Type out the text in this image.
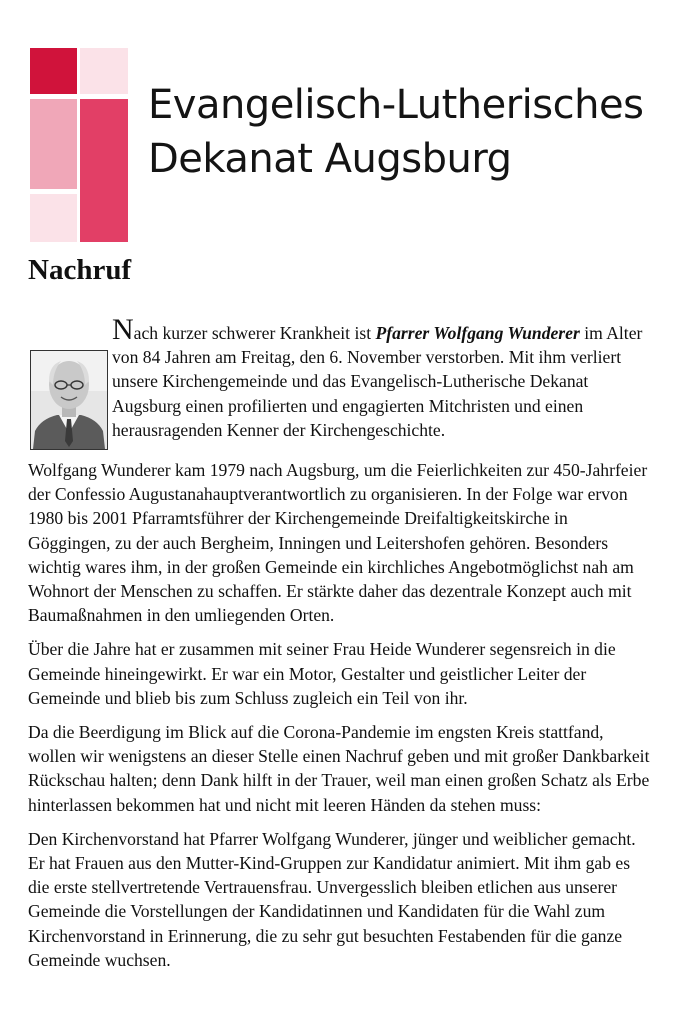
Evangelisch-Lutherisches
Dekanat Augsburg
Nachruf

Nach kurzer schwerer Krankheit ist Pfarrer Wolfgang Wunderer im Alter von 84 Jahren am Freitag, den 6. November verstorben. Mit ihm verliert unsere Kirchengemeinde und das Evangelisch-Lutherische Dekanat Augsburg einen profilierten und engagierten Mitchristen und einen herausragenden Kenner der Kirchengeschichte.

Wolfgang Wunderer kam 1979 nach Augsburg, um die Feierlichkeiten zur 450-Jahrfeier der Confessio Augustanahauptverantwortlich zu organisieren. In der Folge war ervon 1980 bis 2001 Pfarramtsführer der Kirchengemeinde Dreifaltigkeitskirche in Göggingen, zu der auch Bergheim, Inningen und Leitershofen gehören. Besonders wichtig wares ihm, in der großen Gemeinde ein kirchliches Angebotmöglichst nah am Wohnort der Menschen zu schaffen. Er stärkte daher das dezentrale Konzept auch mit Baumaßnahmen in den umliegenden Orten.

Über die Jahre hat er zusammen mit seiner Frau Heide Wunderer segensreich in die Gemeinde hineingewirkt. Er war ein Motor, Gestalter und geistlicher Leiter der Gemeinde und blieb bis zum Schluss zugleich ein Teil von ihr.

Da die Beerdigung im Blick auf die Corona-Pandemie im engsten Kreis stattfand, wollen wir wenigstens an dieser Stelle einen Nachruf geben und mit großer Dankbarkeit Rückschau halten; denn Dank hilft in der Trauer, weil man einen großen Schatz als Erbe hinterlassen bekommen hat und nicht mit leeren Händen da stehen muss:

Den Kirchenvorstand hat Pfarrer Wolfgang Wunderer, jünger und weiblicher gemacht. Er hat Frauen aus den Mutter-Kind-Gruppen zur Kandidatur animiert. Mit ihm gab es die erste stellvertretende Vertrauensfrau. Unvergesslich bleiben etlichen aus unserer Gemeinde die Vorstellungen der Kandidatinnen und Kandidaten für die Wahl zum Kirchenvorstand in Erinnerung, die zu sehr gut besuchten Festabenden für die ganze Gemeinde wuchsen.
